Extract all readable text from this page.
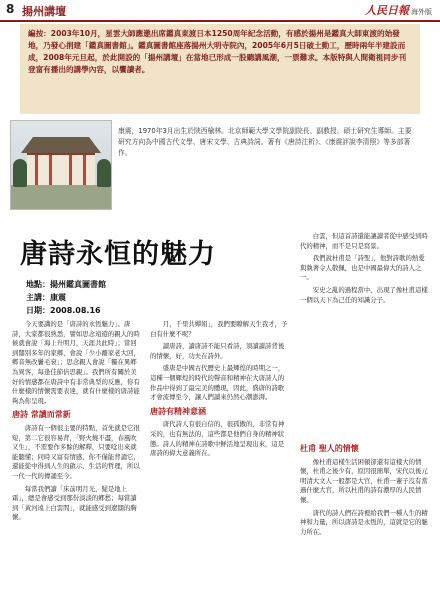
8 揚州講壇	人民日報 海外版
編按：2003年10月，星雲大師應邀出席鑑真東渡日本1250周年紀念活動，有感於揚州是鑑真大師東渡的始發地，乃發心捐建「鑑真圖書館」。鑑真圖書館座落揚州大明寺院內，2005年6月5日破土動工，歷時兩年半建設而成，2008年元旦起，於此開設的「揚州講壇」在當地已形成一股聽講風潮，一票難求。本版特與人間衛視同步刊登富有播出的講學內容，以饗讀者。
康震，1970年3月出生於陝西榆林。北京師範大學文學院副院長、副教授、碩士研究生導師。主要研究方向為中國古代文學、唐宋文學、古典詩詞。著有《唐詩注析》、《康震評說李清照》等多部著作。
唐詩永恒的魅力
地點：揚州鑑真圖書館
主講：康震
日期：2008.08.16

今天要講的是「唐詩的永恆魅力」。唐詩，大家都很熟悉，譬如思念遠遊的親人的時候就會說「海上升明月，天涯共此時」；當回到闊別多年的家鄉，會說「少小離家老大回，鄉音無改鬢毛衰」；思念親人會說「獨在異鄉為異客，每逢佳節倍思親」。我們所有關於美好的情感都在唐詩中有非常典型的反應，你有什麼樣的情懷需要表達，就有什麼樣的唐詩能夠為你呈現。

唐詩 常讀而常新

唐詩有一個很主要的特點，首先就是它很短，第二它很容易背，「野火燒不盡，春風吹又生」，不需要作多餘的解釋，只要唸出來就能聽懂；同時又富有情感，你不僅能背誦它，還能從中得到人生的啟示、生活的哲理，所以一代一代的傳誦至今。

每當我們讀「床前明月光，疑是地上霜」，總是會感受到那份淡淡的鄉愁；每當讀到「黃河遠上白雲間」，就能感受到遼闊的胸懷。

月，千里共嬋娟」，我們要瞭解天生我才，予白有什麼不呢？

讀唐詩，讀唐詩不能只看詩，須讀讀詩背後的情懷，好，功夫在詩外。

盛唐是中國古代歷史上最輝煌的時期之一，這種一個輝煌的時代的聲音和精神在大唐詩人的作品中得到了最完美的體現，因此，盛唐的詩歌才會流傳至今，讓人們讀來仍然心潮澎湃。

唐詩有精神意涵

唐代詩人有很自信的，很孤傲的，非常有神采的，也有無法的，這些都是他們自身的精神狀態。詩人的精神在詩歌中鮮活地呈現出來，這是唐詩的偉大意義所在。

白雲，但這首詩還能讓讀者從中感受到時代的精神，而不是只是寫景。

我們說杜甫是「詩聖」，他對詩歌的熱愛與執著令人敬佩，也是中國最偉大的詩人之一。

安史之亂的過程當中，出現了像杜甫這樣一個以天下為己任的知識分子。

杜甫 聖人的情懷

像杜甫這樣生活困頓卻還有這樣大的情懷，杜甫之後少有，原因很簡單，宋代以後元明清大文人一般都是大官，杜甫一輩子沒有當過什麼大官，所以杜甫的詩有濃厚的人民情懷。

唐代的詩人們在詩裡給我們一種人生的精神和力量，所以唐詩是永恆的，這就是它的魅力所在。
